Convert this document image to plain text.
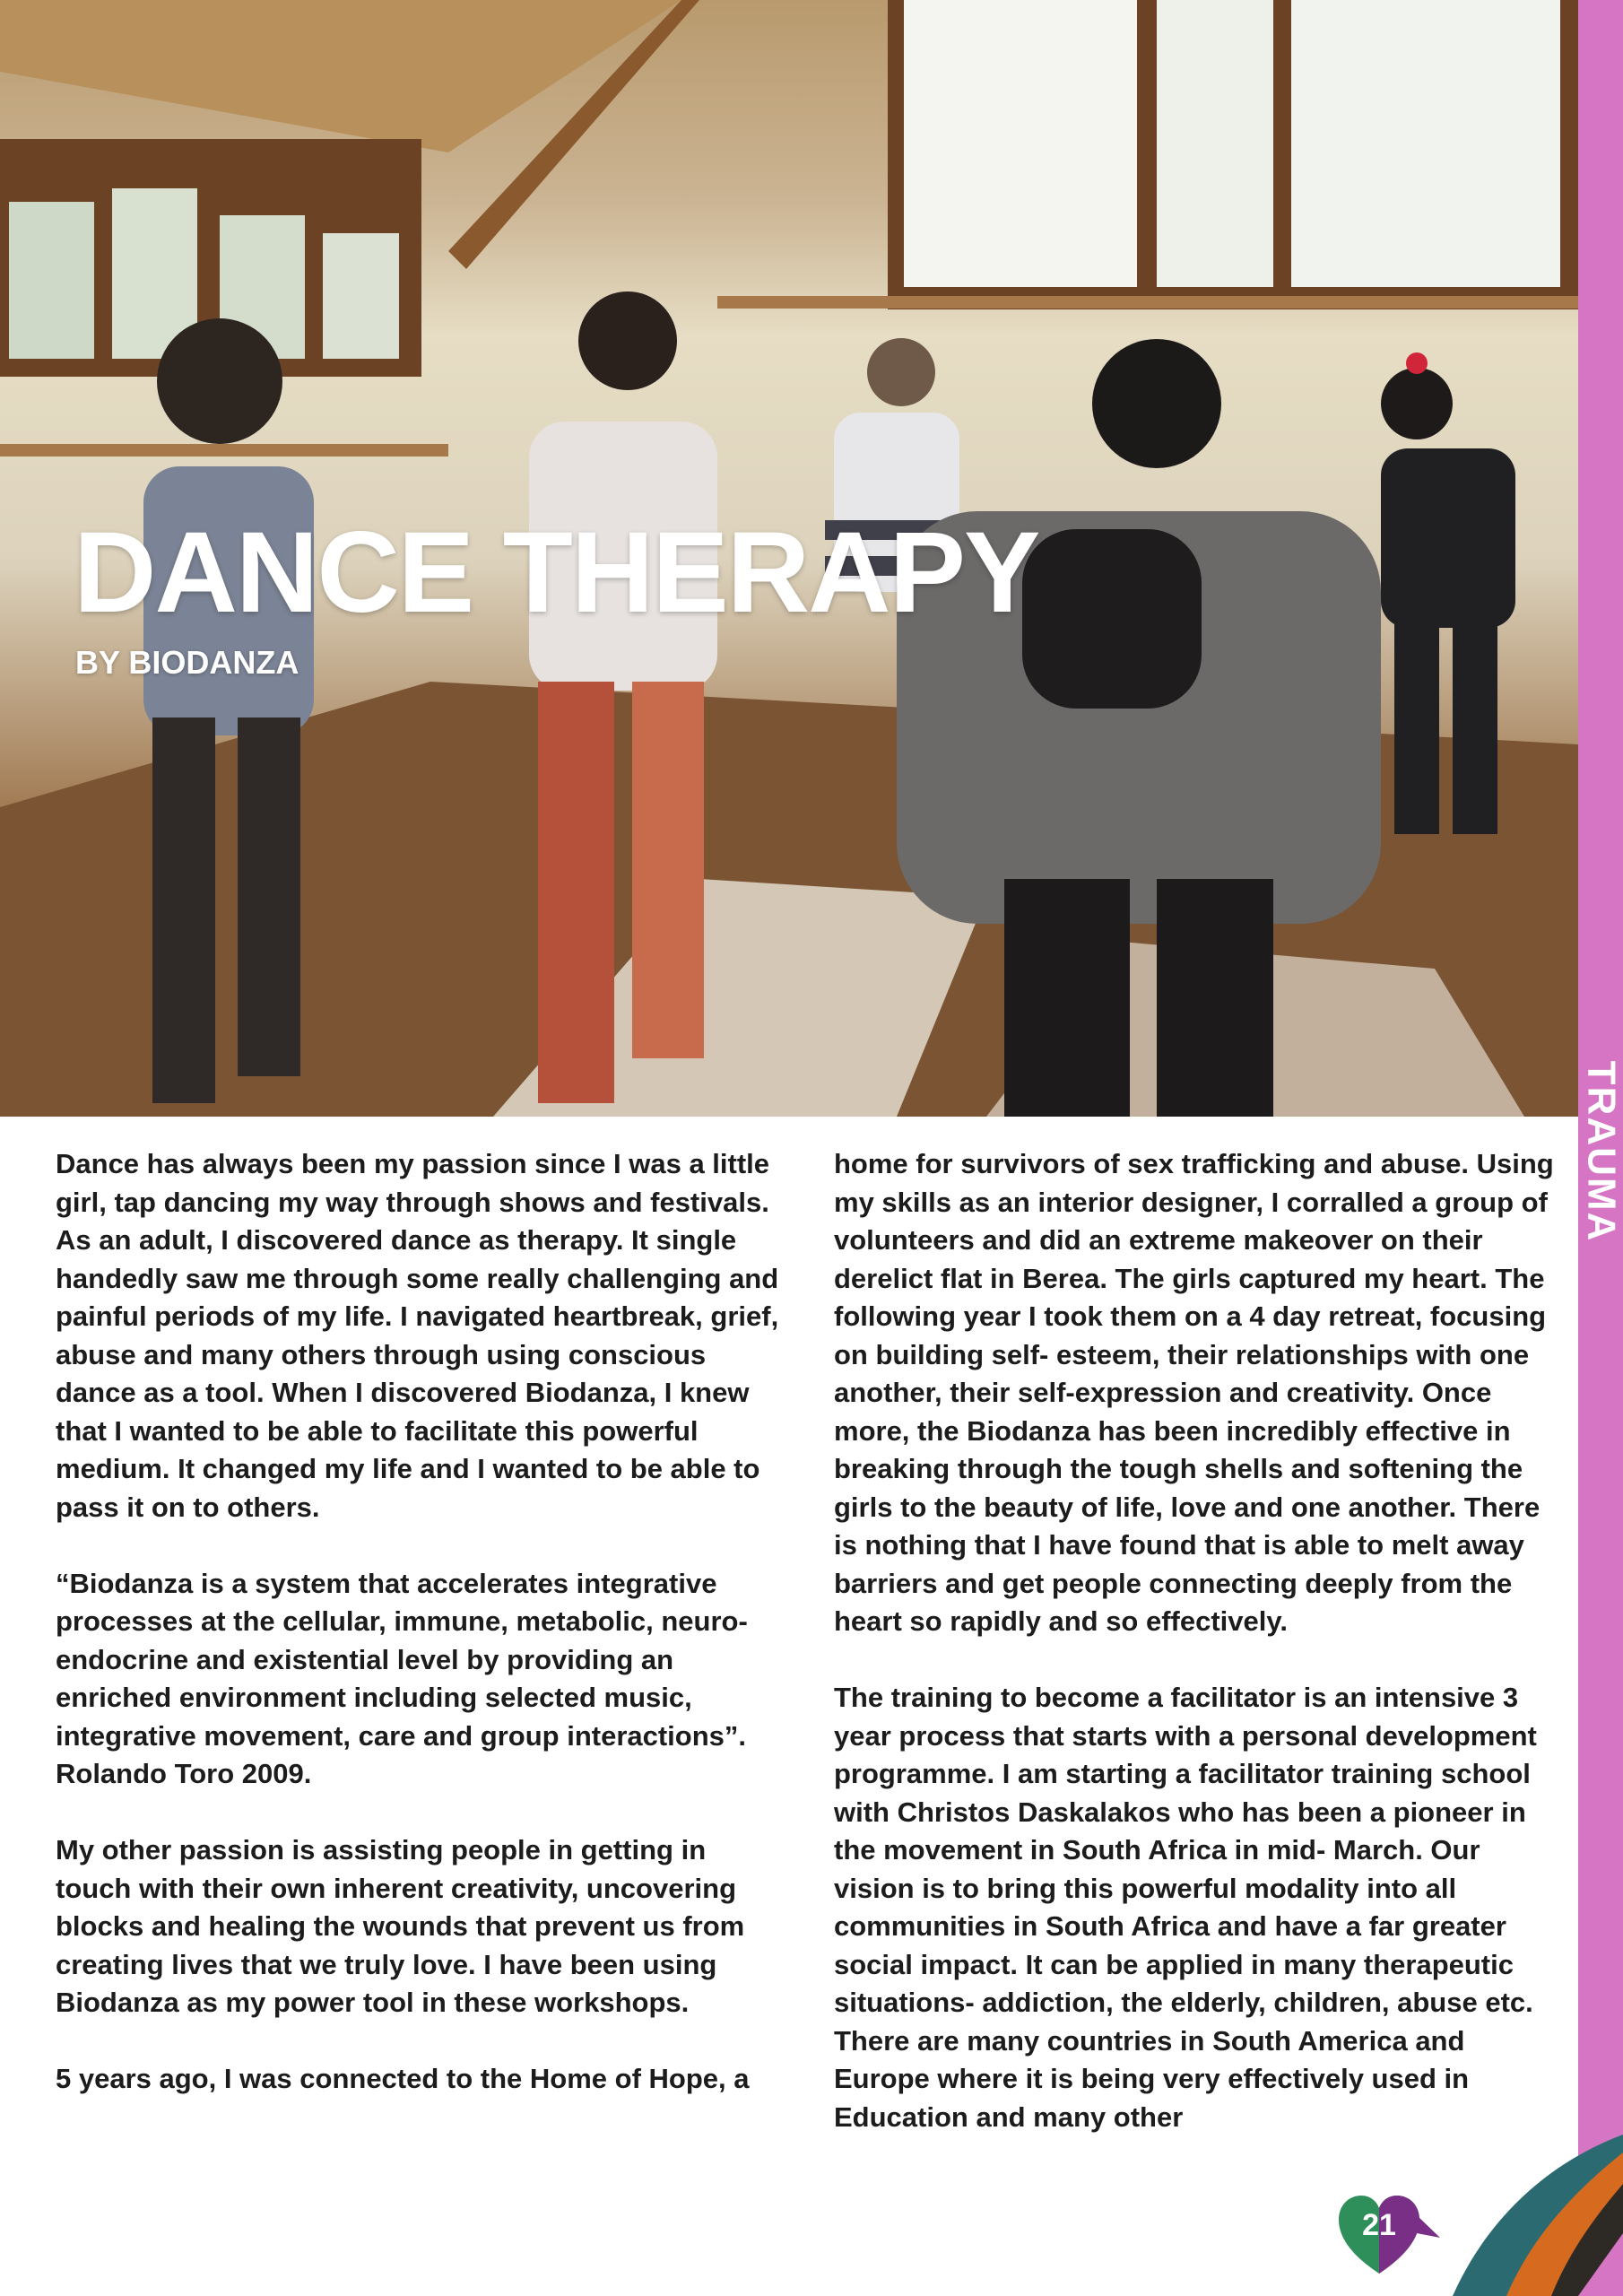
DANCE THERAPY
BY BIODANZA
TRAUMA

Dance has always been my passion since I was a little girl, tap dancing my way through shows and festivals. As an adult, I discovered dance as therapy. It single handedly saw me through some really challenging and painful periods of my life. I navigated heartbreak, grief, abuse and many others through using conscious dance as a tool. When I discovered Biodanza, I knew that I wanted to be able to facilitate this powerful medium. It changed my life and I wanted to be able to pass it on to others.

“Biodanza is a system that accelerates integrative processes at the cellular, immune, metabolic, neuro-endocrine and existential level by providing an enriched environment including selected music, integrative movement, care and group interactions”. Rolando Toro 2009.

My other passion is assisting people in getting in touch with their own inherent creativity, uncovering blocks and healing the wounds that prevent us from creating lives that we truly love. I have been using Biodanza as my power tool in these workshops.

5 years ago, I was connected to the Home of Hope, a

home for survivors of sex trafficking and abuse. Using my skills as an interior designer, I corralled a group of volunteers and did an extreme makeover on their derelict flat in Berea. The girls captured my heart. The following year I took them on a 4 day retreat, focusing on building self- esteem, their relationships with one another, their self-expression and creativity. Once more, the Biodanza has been incredibly effective in breaking through the tough shells and softening the girls to the beauty of life, love and one another. There is nothing that I have found that is able to melt away barriers and get people connecting deeply from the heart so rapidly and so effectively.

The training to become a facilitator is an intensive 3 year process that starts with a personal development programme. I am starting a facilitator training school with Christos Daskalakos who has been a pioneer in the movement in South Africa in mid- March. Our vision is to bring this powerful modality into all communities in South Africa and have a far greater social impact. It can be applied in many therapeutic situations- addiction, the elderly, children, abuse etc. There are many countries in South America and Europe where it is being very effectively used in Education and many other

21
